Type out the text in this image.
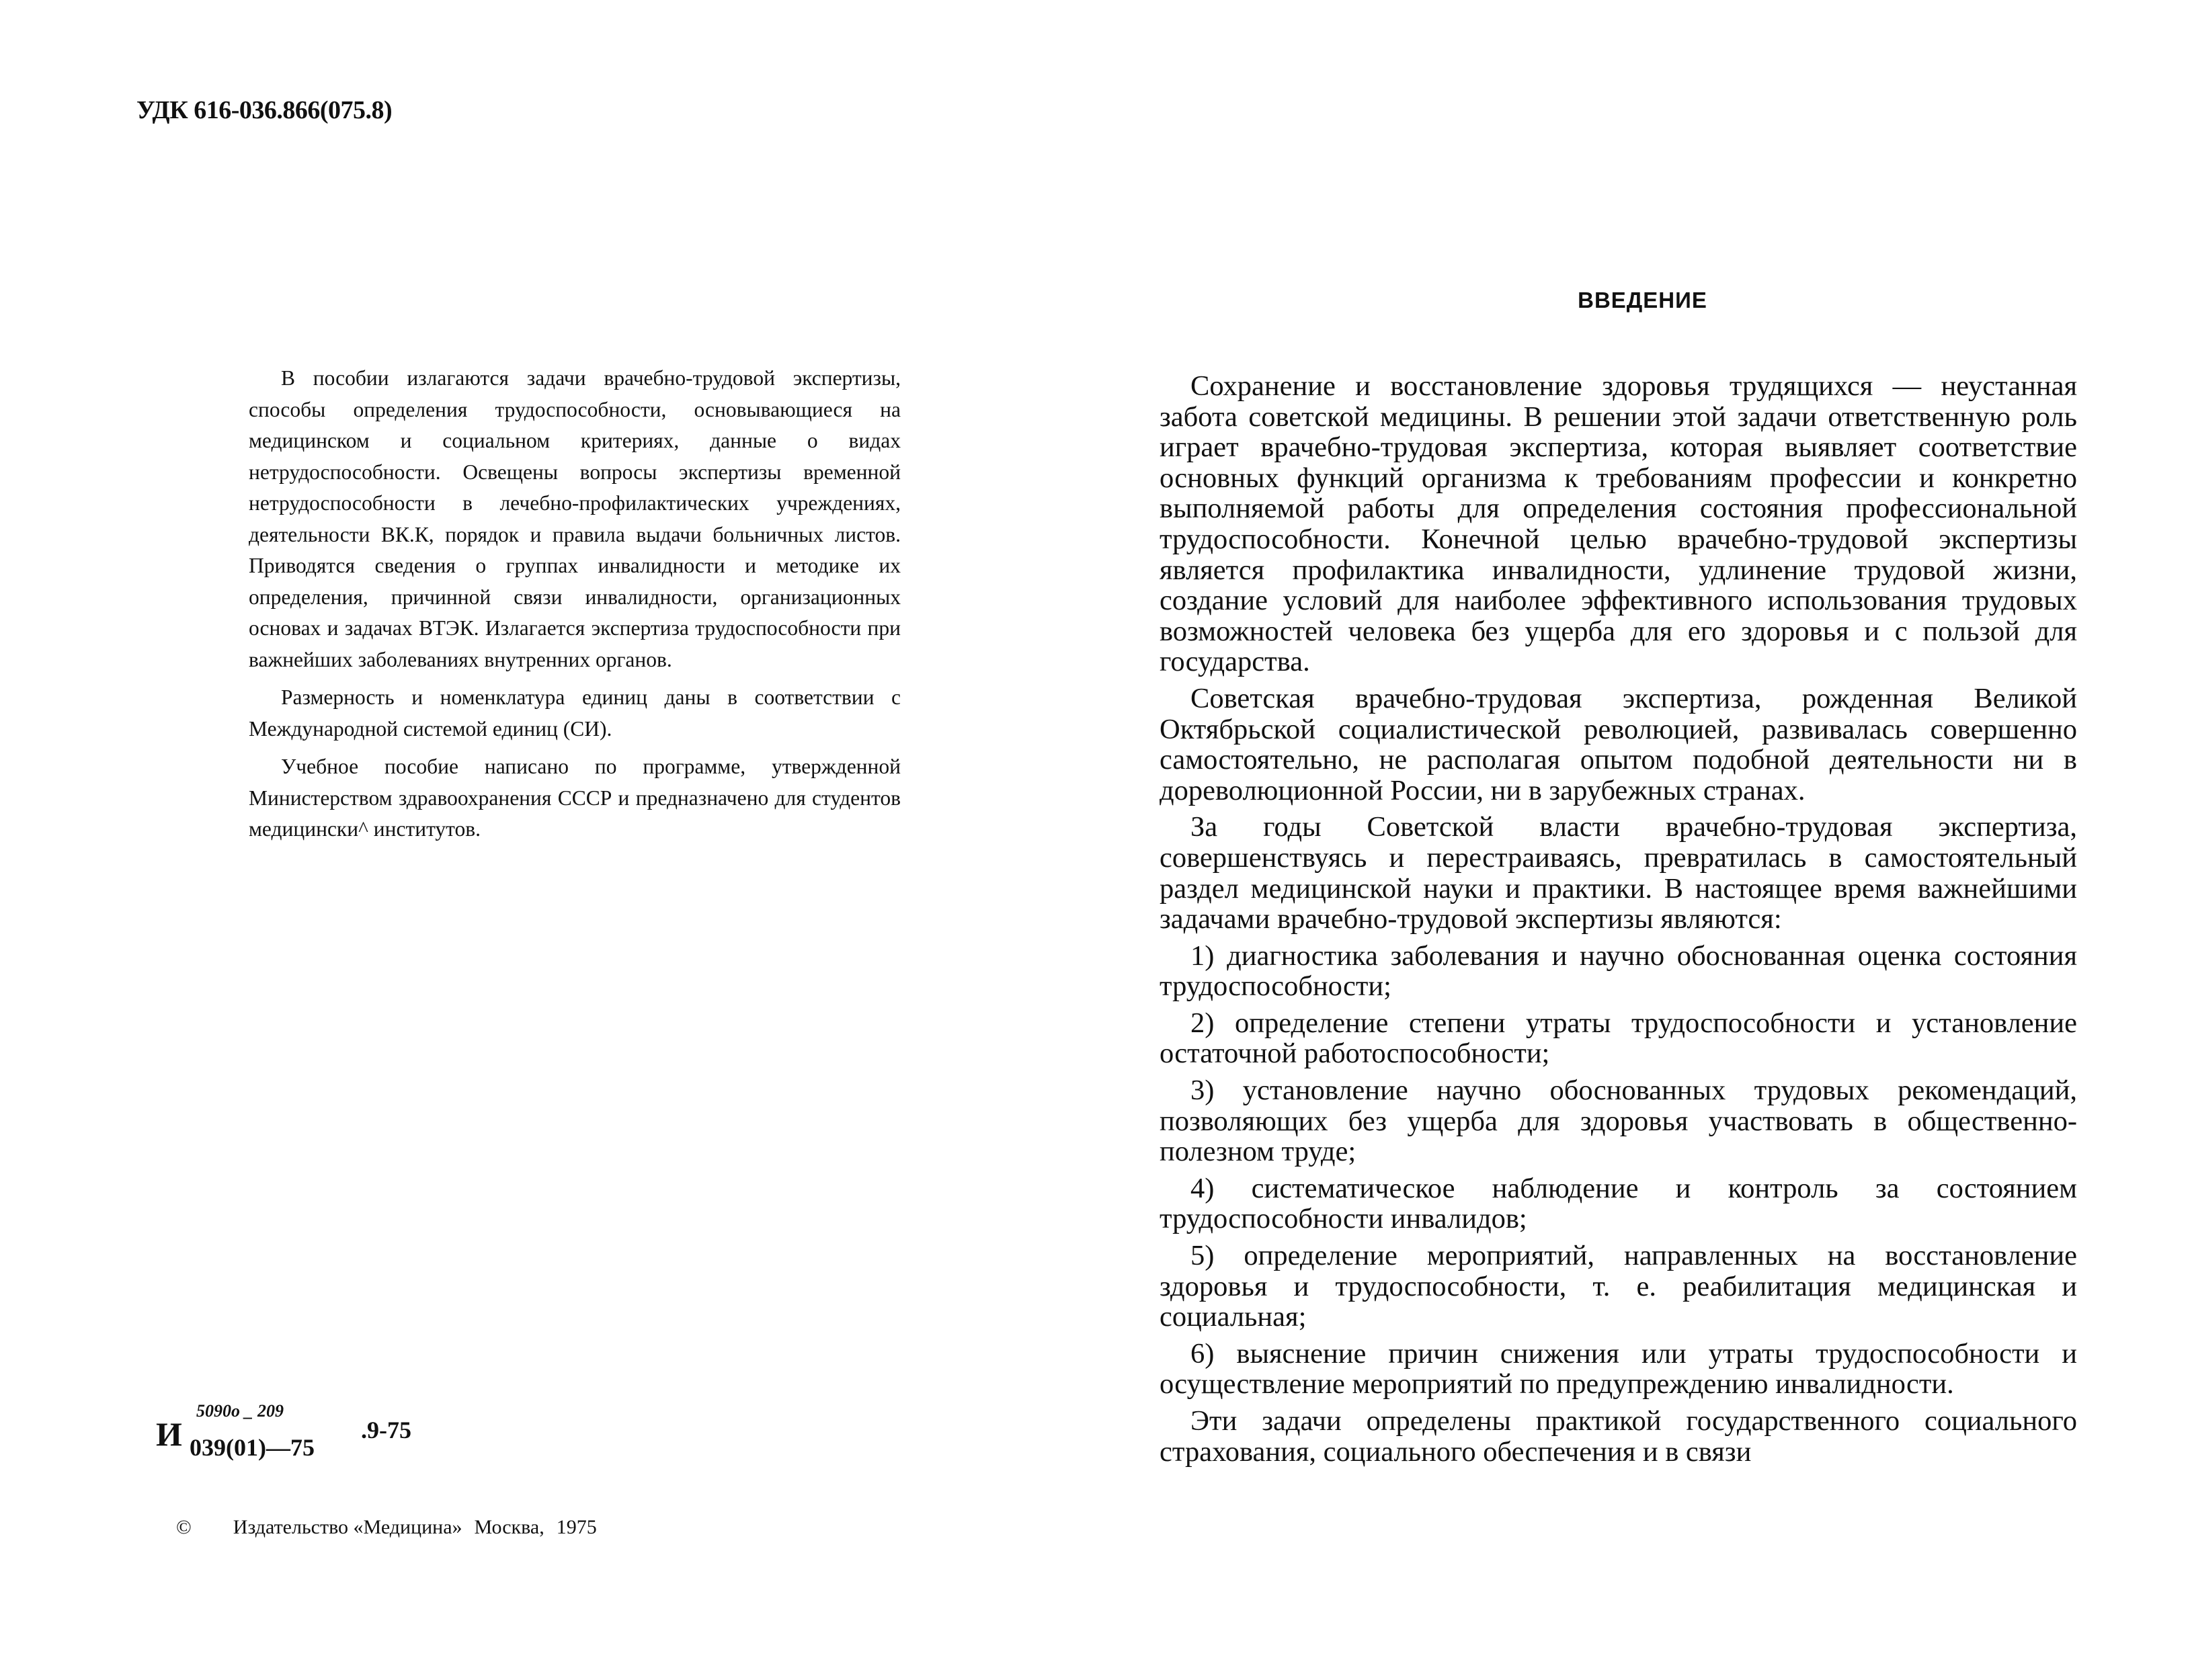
УДК 616-036.866(075.8)

В пособии излагаются задачи врачебно-трудовой экспертизы, способы определения трудоспособности, основывающиеся на медицинском и социальном критериях, данные о видах нетрудоспособности. Освещены вопросы экспертизы временной нетрудоспособности в лечебно-профилактических учреждениях, деятельности ВК.К, порядок и правила выдачи больничных листов. Приводятся сведения о группах инвалидности и методике их определения, причинной связи инвалидности, организационных основах и задачах ВТЭК. Излагается экспертиза трудоспособности при важнейших заболеваниях внутренних органов.

Размерность и номенклатура единиц даны в соответствии с Международной системой единиц (СИ).

Учебное пособие написано по программе, утвержденной Министерством здравоохранения СССР и предназначено для студентов медицински^ институтов.

И
5090о _ 209
039(01)—75
.9-75

© Издательство «Медицина» Москва, 1975

ВВЕДЕНИЕ

Сохранение и восстановление здоровья трудящихся — неустанная забота советской медицины. В решении этой задачи ответственную роль играет врачебно-трудовая экспертиза, которая выявляет соответствие основных функций организма к требованиям профессии и конкретно выполняемой работы для определения состояния профессиональной трудоспособности. Конечной целью врачебно-трудовой экспертизы является профилактика инвалидности, удлинение трудовой жизни, создание условий для наиболее эффективного использования трудовых возможностей человека без ущерба для его здоровья и с пользой для государства.

Советская врачебно-трудовая экспертиза, рожденная Великой Октябрьской социалистической революцией, развивалась совершенно самостоятельно, не располагая опытом подобной деятельности ни в дореволюционной России, ни в зарубежных странах.

За годы Советской власти врачебно-трудовая экспертиза, совершенствуясь и перестраиваясь, превратилась в самостоятельный раздел медицинской науки и практики. В настоящее время важнейшими задачами врачебно-трудовой экспертизы являются:

1) диагностика заболевания и научно обоснованная оценка состояния трудоспособности;

2) определение степени утраты трудоспособности и установление остаточной работоспособности;

3) установление научно обоснованных трудовых рекомендаций, позволяющих без ущерба для здоровья участвовать в общественно-полезном труде;

4) систематическое наблюдение и контроль за состоянием трудоспособности инвалидов;

5) определение мероприятий, направленных на восстановление здоровья и трудоспособности, т. е. реабилитация медицинская и социальная;

6) выяснение причин снижения или утраты трудоспособности и осуществление мероприятий по предупреждению инвалидности.

Эти задачи определены практикой государственного социального страхования, социального обеспечения и в связи
